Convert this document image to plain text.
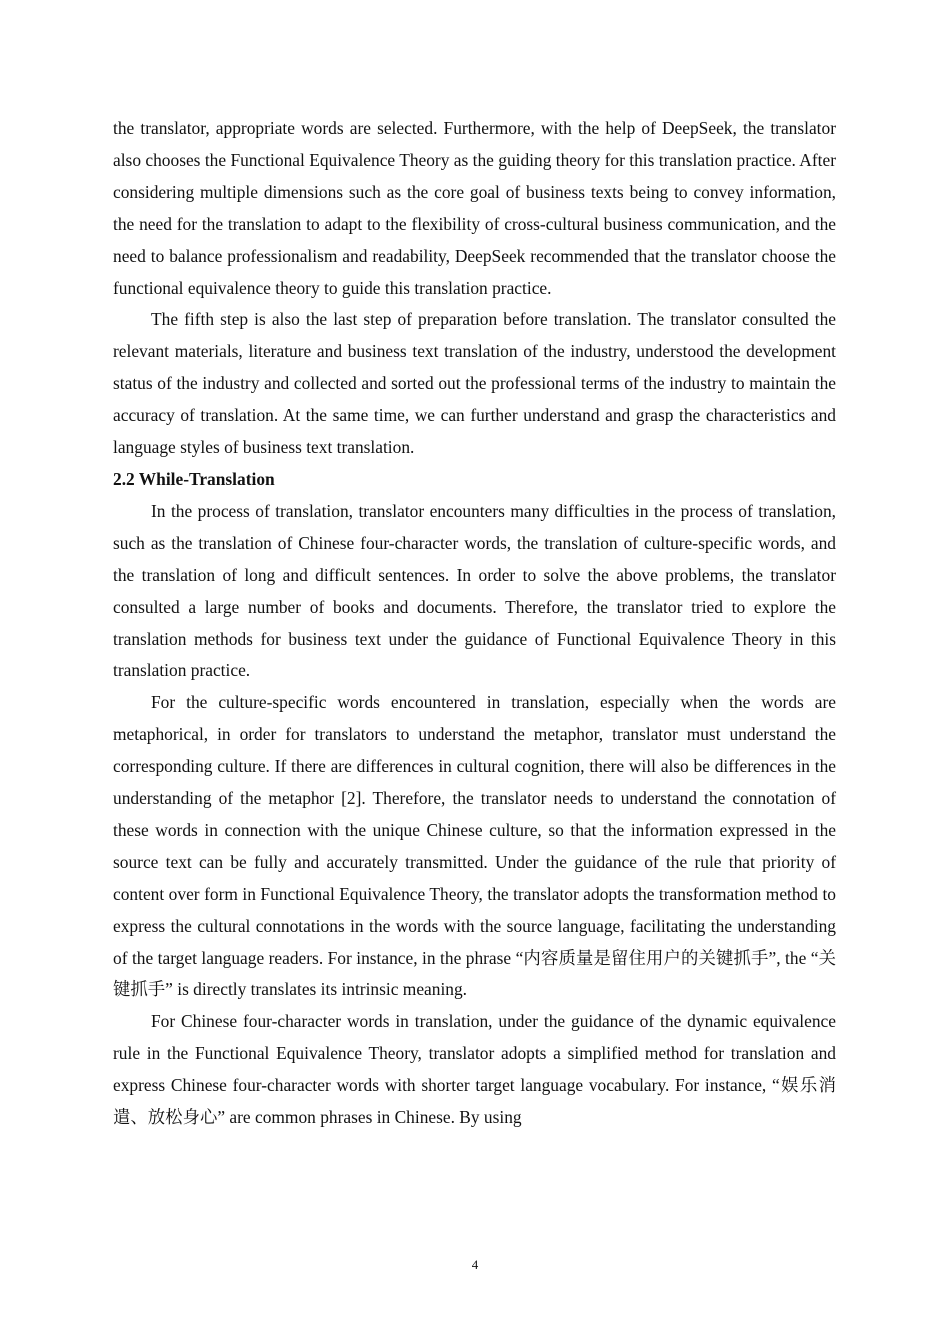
the translator, appropriate words are selected. Furthermore, with the help of DeepSeek, the translator also chooses the Functional Equivalence Theory as the guiding theory for this translation practice. After considering multiple dimensions such as the core goal of business texts being to convey information, the need for the translation to adapt to the flexibility of cross-cultural business communication, and the need to balance professionalism and readability, DeepSeek recommended that the translator choose the functional equivalence theory to guide this translation practice.

The fifth step is also the last step of preparation before translation. The translator consulted the relevant materials, literature and business text translation of the industry, understood the development status of the industry and collected and sorted out the professional terms of the industry to maintain the accuracy of translation. At the same time, we can further understand and grasp the characteristics and language styles of business text translation.

2.2 While-Translation

In the process of translation, translator encounters many difficulties in the process of translation, such as the translation of Chinese four-character words, the translation of culture-specific words, and the translation of long and difficult sentences. In order to solve the above problems, the translator consulted a large number of books and documents. Therefore, the translator tried to explore the translation methods for business text under the guidance of Functional Equivalence Theory in this translation practice.

For the culture-specific words encountered in translation, especially when the words are metaphorical, in order for translators to understand the metaphor, translator must understand the corresponding culture. If there are differences in cultural cognition, there will also be differences in the understanding of the metaphor [2]. Therefore, the translator needs to understand the connotation of these words in connection with the unique Chinese culture, so that the information expressed in the source text can be fully and accurately transmitted. Under the guidance of the rule that priority of content over form in Functional Equivalence Theory, the translator adopts the transformation method to express the cultural connotations in the words with the source language, facilitating the understanding of the target language readers. For instance, in the phrase “内容质量是留住用户的关键抓手”, the “关键抓手” is directly translates its intrinsic meaning.

For Chinese four-character words in translation, under the guidance of the dynamic equivalence rule in the Functional Equivalence Theory, translator adopts a simplified method for translation and express Chinese four-character words with shorter target language vocabulary. For instance, “娱乐消遣、放松身心” are common phrases in Chinese. By using

4
